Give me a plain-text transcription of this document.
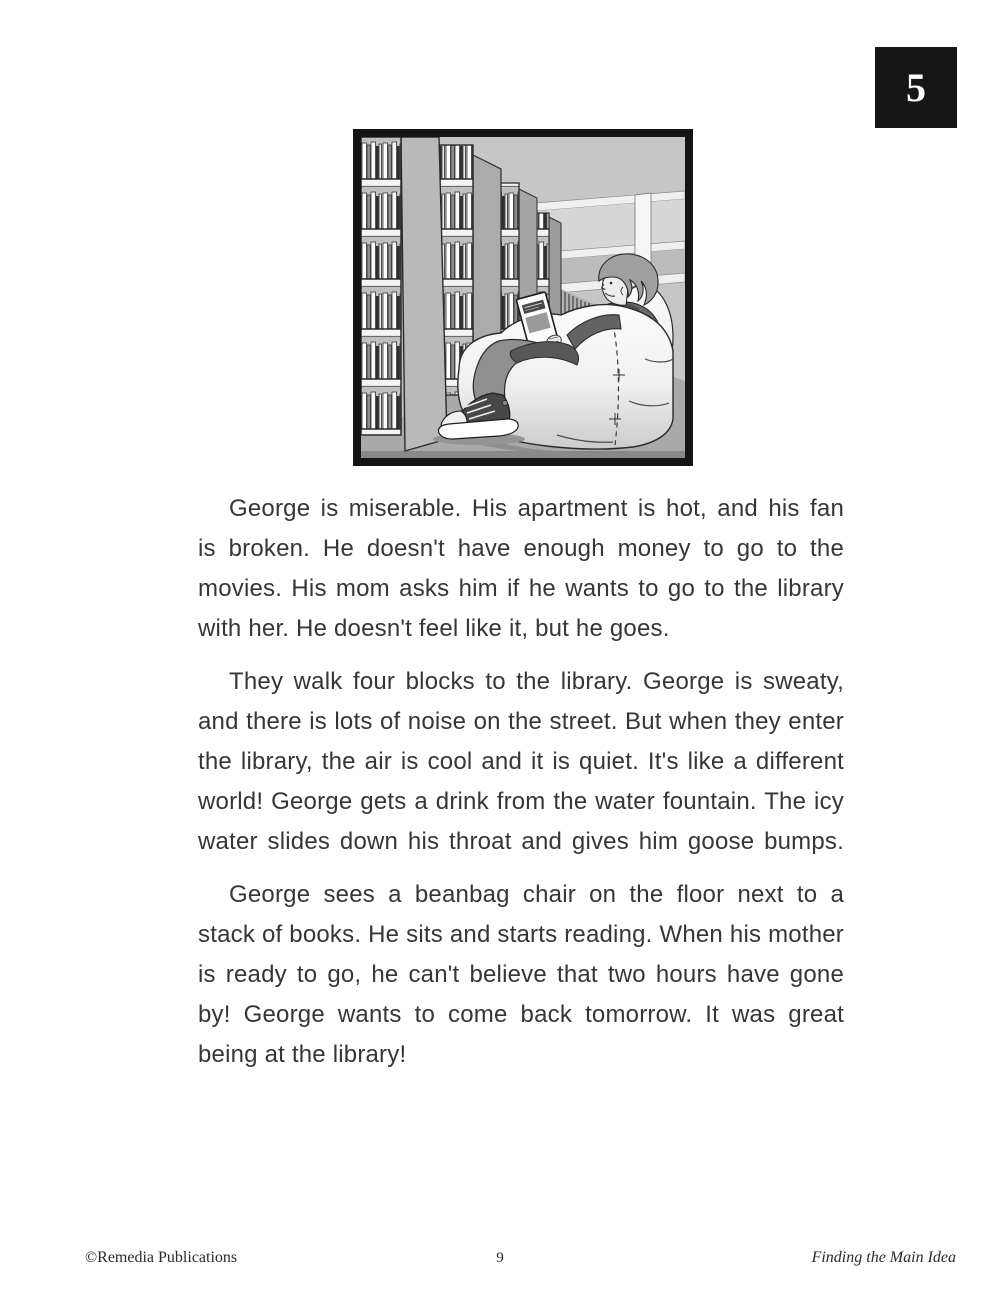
5

George is miserable. His apartment is hot, and his fan
is broken. He doesn't have enough money to go to the
movies. His mom asks him if he wants to go to the library
with her. He doesn't feel like it, but he goes.

They walk four blocks to the library. George is sweaty,
and there is lots of noise on the street. But when they enter
the library, the air is cool and it is quiet. It's like a different
world! George gets a drink from the water fountain. The icy
water slides down his throat and gives him goose bumps.

George sees a beanbag chair on the floor next to a
stack of books. He sits and starts reading. When his mother
is ready to go, he can't believe that two hours have gone
by! George wants to come back tomorrow. It was great
being at the library!

©Remedia Publications	9	Finding the Main Idea
